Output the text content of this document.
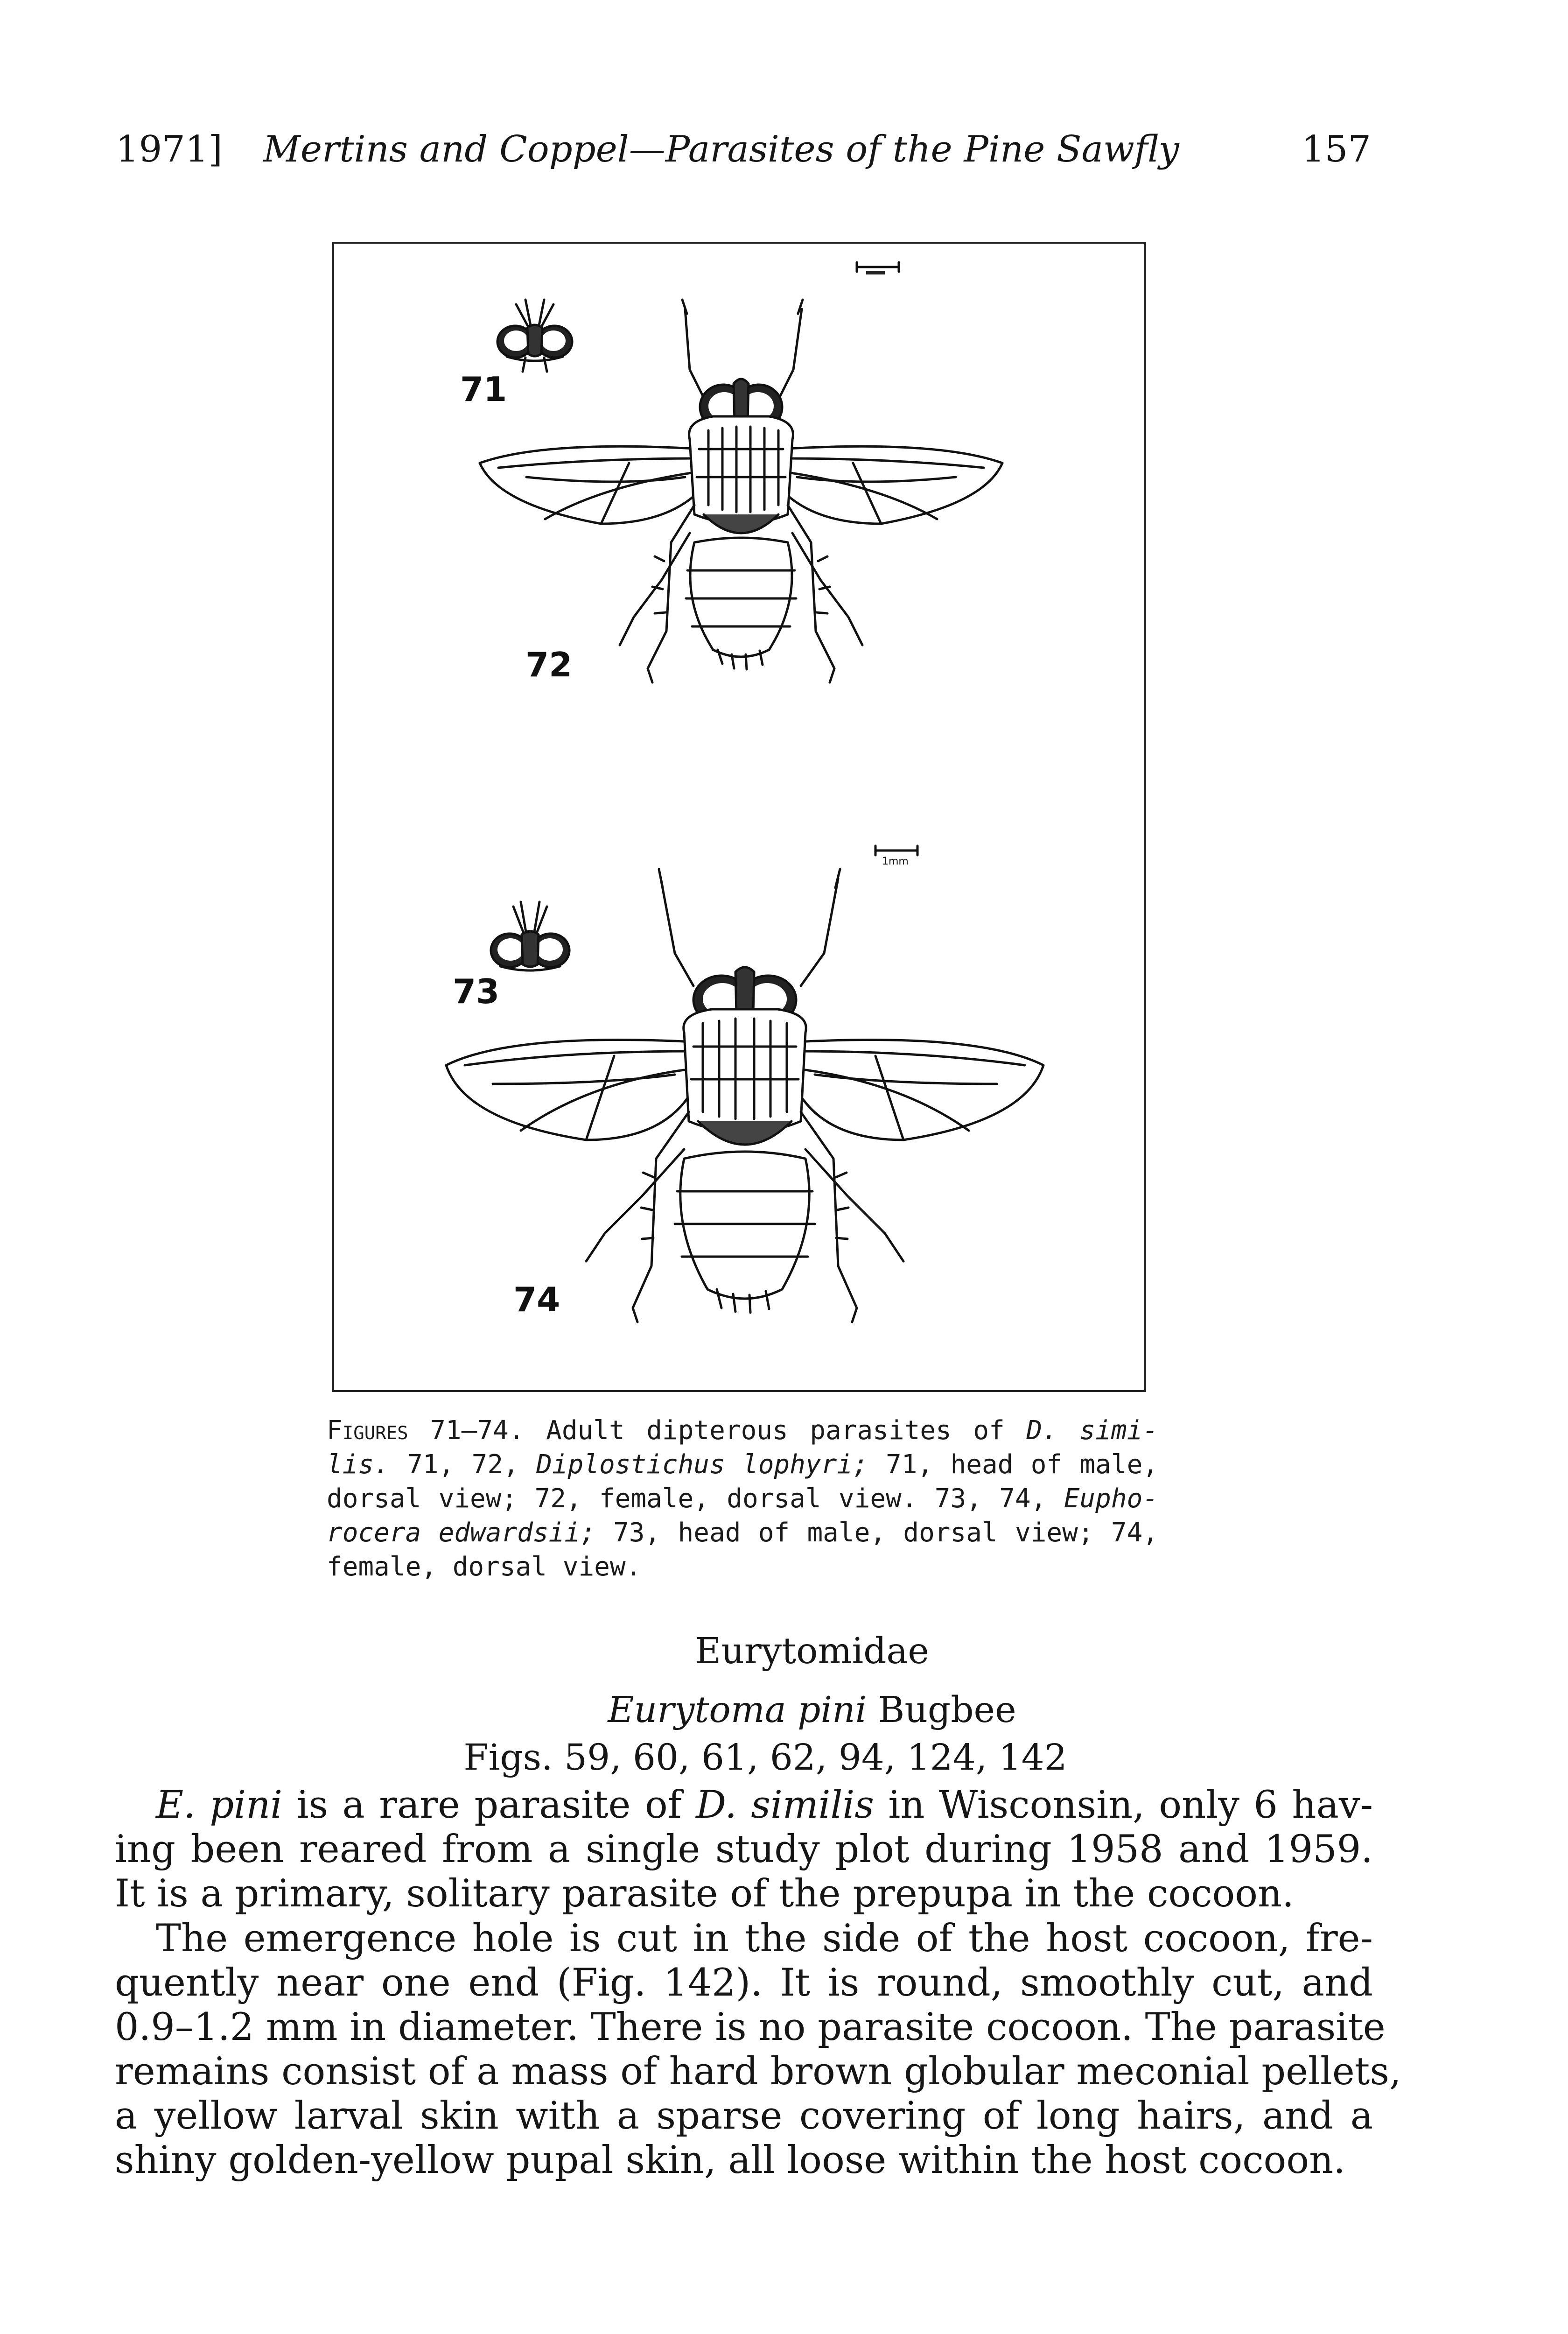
1971] Mertins and Coppel—Parasites of the Pine Sawfly	157
1mm
71
72
73
74
Figures 71–74. Adult dipterous parasites of D. simi-
lis. 71, 72, Diplostichus lophyri; 71, head of male,
dorsal view; 72, female, dorsal view. 73, 74, Eupho-
rocera edwardsii; 73, head of male, dorsal view; 74,
female, dorsal view.
Eurytomidae
Eurytoma pini Bugbee
Figs. 59, 60, 61, 62, 94, 124, 142
E. pini is a rare parasite of D. similis in Wisconsin, only 6 hav-
ing been reared from a single study plot during 1958 and 1959.
It is a primary, solitary parasite of the prepupa in the cocoon.
The emergence hole is cut in the side of the host cocoon, fre-
quently near one end (Fig. 142). It is round, smoothly cut, and
0.9–1.2 mm in diameter. There is no parasite cocoon. The parasite
remains consist of a mass of hard brown globular meconial pellets,
a yellow larval skin with a sparse covering of long hairs, and a
shiny golden-yellow pupal skin, all loose within the host cocoon.
